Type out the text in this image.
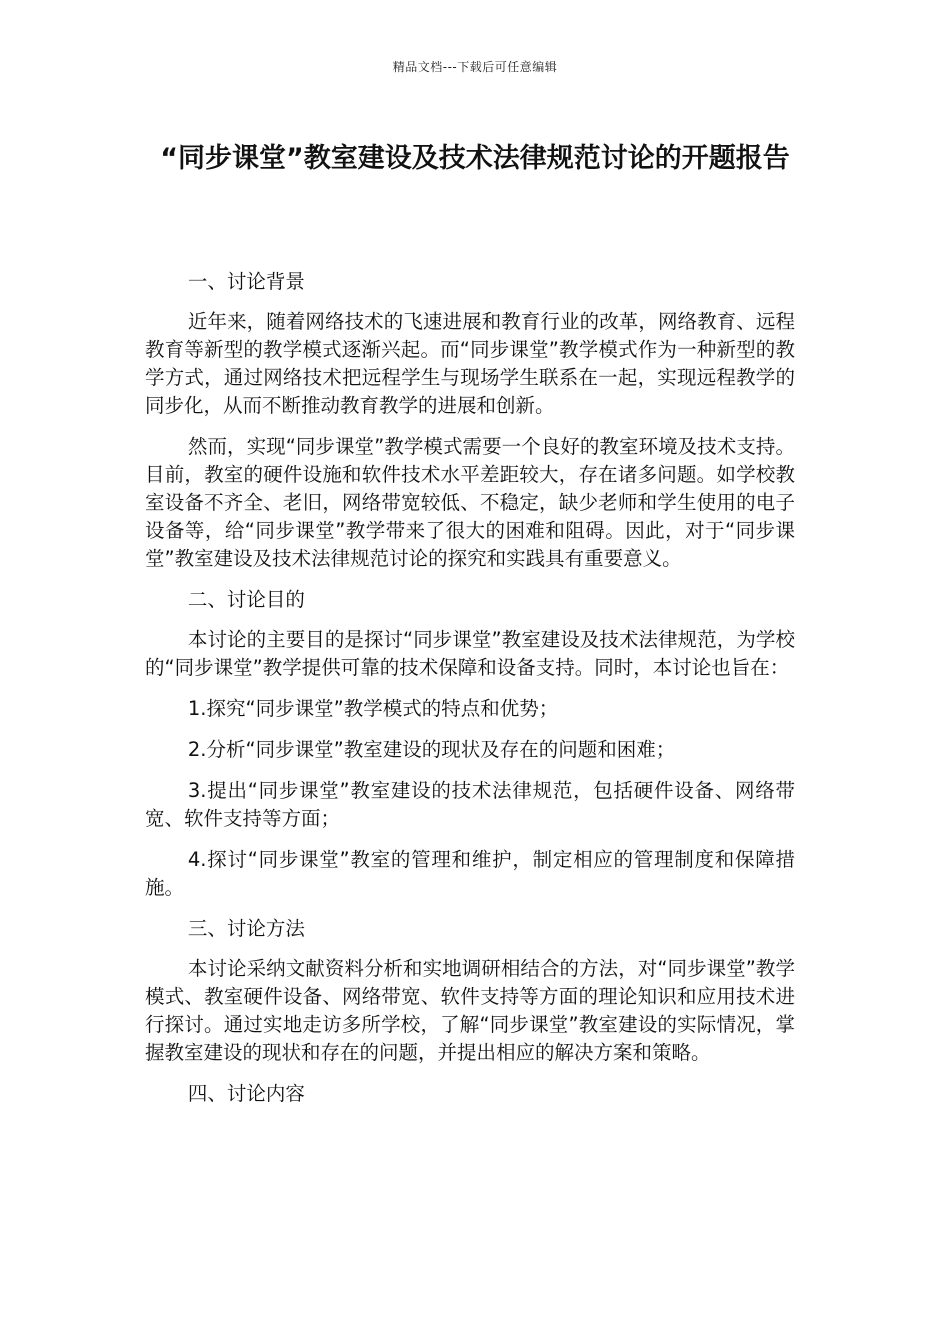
精品文档---下载后可任意编辑
“同步课堂”教室建设及技术法律规范讨论的开题报告

一、讨论背景

近年来，随着网络技术的飞速进展和教育行业的改革，网络教育、远程教育等新型的教学模式逐渐兴起。而“同步课堂”教学模式作为一种新型的教学方式，通过网络技术把远程学生与现场学生联系在一起，实现远程教学的同步化，从而不断推动教育教学的进展和创新。

然而，实现“同步课堂”教学模式需要一个良好的教室环境及技术支持。目前，教室的硬件设施和软件技术水平差距较大，存在诸多问题。如学校教室设备不齐全、老旧，网络带宽较低、不稳定，缺少老师和学生使用的电子设备等，给“同步课堂”教学带来了很大的困难和阻碍。因此，对于“同步课堂”教室建设及技术法律规范讨论的探究和实践具有重要意义。

二、讨论目的

本讨论的主要目的是探讨“同步课堂”教室建设及技术法律规范，为学校的“同步课堂”教学提供可靠的技术保障和设备支持。同时，本讨论也旨在：

1.探究“同步课堂”教学模式的特点和优势；

2.分析“同步课堂”教室建设的现状及存在的问题和困难；

3.提出“同步课堂”教室建设的技术法律规范，包括硬件设备、网络带宽、软件支持等方面；

4.探讨“同步课堂”教室的管理和维护，制定相应的管理制度和保障措施。

三、讨论方法

本讨论采纳文献资料分析和实地调研相结合的方法，对“同步课堂”教学模式、教室硬件设备、网络带宽、软件支持等方面的理论知识和应用技术进行探讨。通过实地走访多所学校，了解“同步课堂”教室建设的实际情况，掌握教室建设的现状和存在的问题，并提出相应的解决方案和策略。

四、讨论内容
